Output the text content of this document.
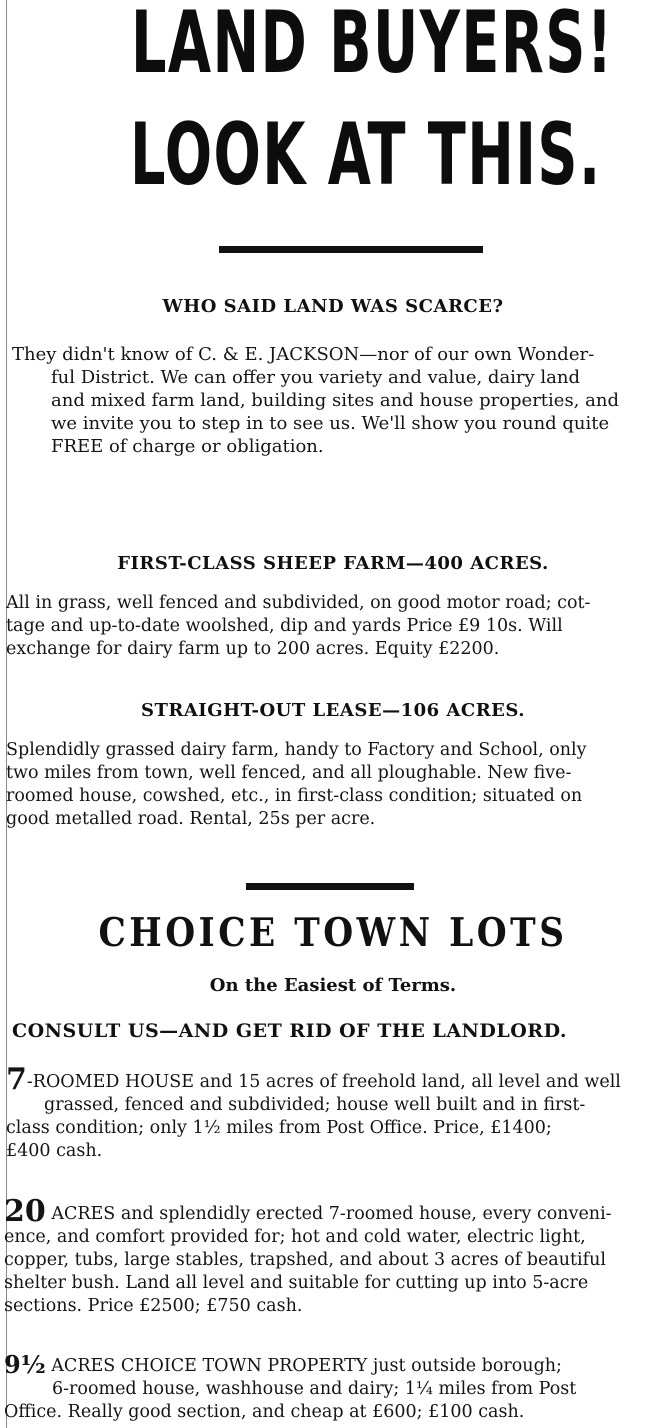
LAND BUYERS!
LOOK AT THIS.
WHO SAID LAND WAS SCARCE?
They didn't know of C. & E. JACKSON—nor of our own Wonder-
ful District. We can offer you variety and value, dairy land
and mixed farm land, building sites and house properties, and
we invite you to step in to see us. We'll show you round quite
FREE of charge or obligation.
FIRST-CLASS SHEEP FARM—400 ACRES.
All in grass, well fenced and subdivided, on good motor road; cot-
tage and up-to-date woolshed, dip and yards Price £9 10s. Will
exchange for dairy farm up to 200 acres. Equity £2200.
STRAIGHT-OUT LEASE—106 ACRES.
Splendidly grassed dairy farm, handy to Factory and School, only
two miles from town, well fenced, and all ploughable. New five-
roomed house, cowshed, etc., in first-class condition; situated on
good metalled road. Rental, 25s per acre.
CHOICE TOWN LOTS
On the Easiest of Terms.
CONSULT US—AND GET RID OF THE LANDLORD.
7-ROOMED HOUSE and 15 acres of freehold land, all level and well
grassed, fenced and subdivided; house well built and in first-
class condition; only 1½ miles from Post Office. Price, £1400;
£400 cash.
20 ACRES and splendidly erected 7-roomed house, every conveni-
ence, and comfort provided for; hot and cold water, electric light,
copper, tubs, large stables, trapshed, and about 3 acres of beautiful
shelter bush. Land all level and suitable for cutting up into 5-acre
sections. Price £2500; £750 cash.
9½ ACRES CHOICE TOWN PROPERTY just outside borough;
6-roomed house, washhouse and dairy; 1¼ miles from Post
Office. Really good section, and cheap at £600; £100 cash.
